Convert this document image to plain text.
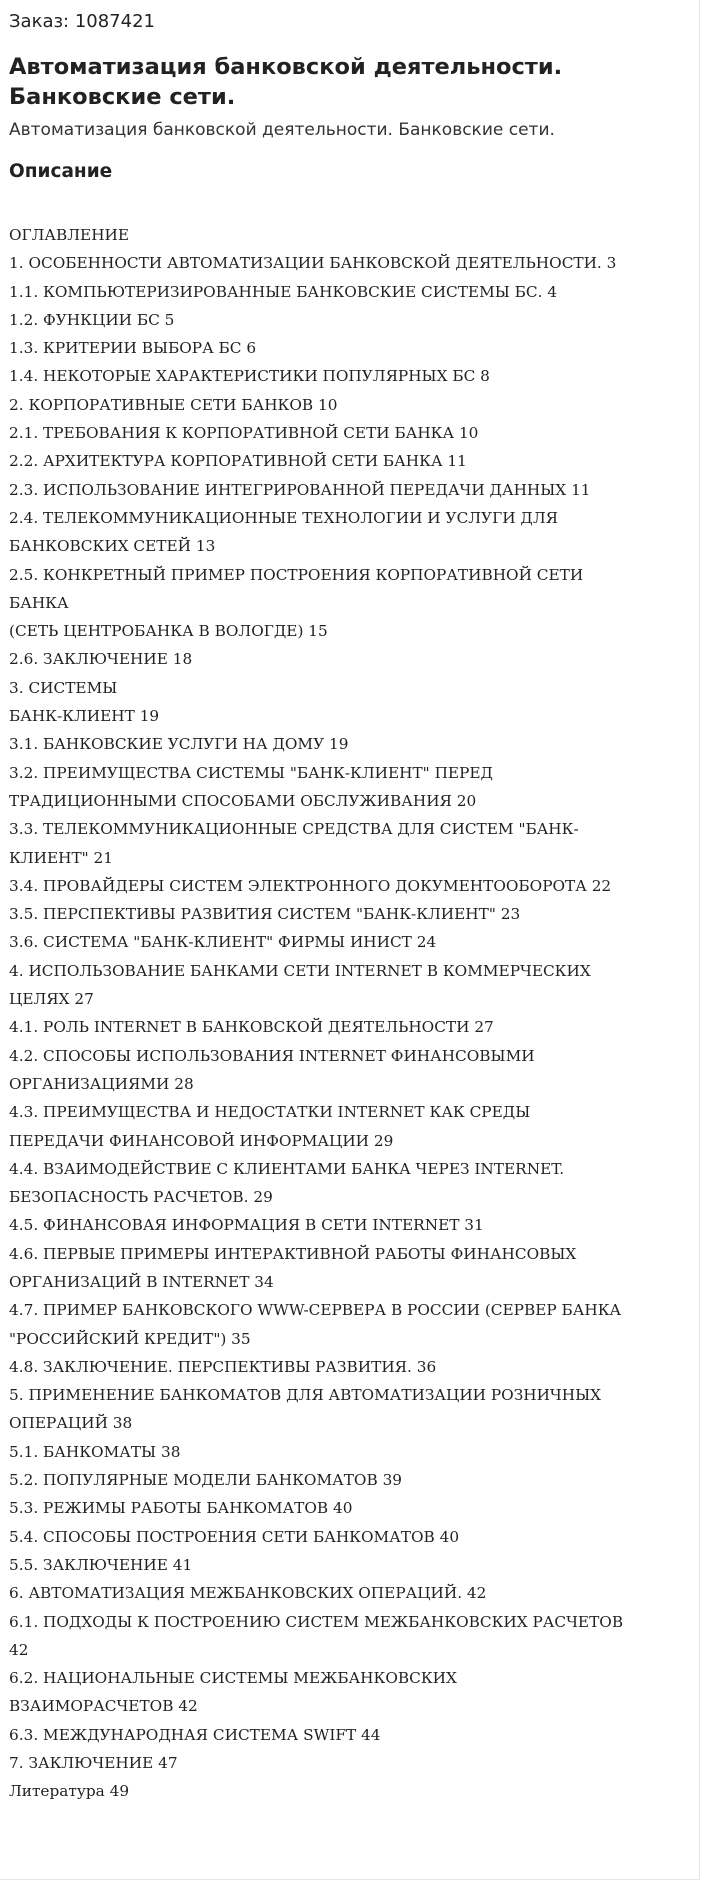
Заказ: 1087421
Автоматизация банковской деятельности.
Банковские сети.
Автоматизация банковской деятельности. Банковские сети.
Описание
ОГЛАВЛЕНИЕ
1. ОСОБЕННОСТИ АВТОМАТИЗАЦИИ БАНКОВСКОЙ ДЕЯТЕЛЬНОСТИ. 3
1.1. КОМПЬЮТЕРИЗИРОВАННЫЕ БАНКОВСКИЕ СИСТЕМЫ БС. 4
1.2. ФУНКЦИИ БС 5
1.3. КРИТЕРИИ ВЫБОРА БС 6
1.4. НЕКОТОРЫЕ ХАРАКТЕРИСТИКИ ПОПУЛЯРНЫХ БС 8
2. КОРПОРАТИВНЫЕ СЕТИ БАНКОВ 10
2.1. ТРЕБОВАНИЯ К КОРПОРАТИВНОЙ СЕТИ БАНКА 10
2.2. АРХИТЕКТУРА КОРПОРАТИВНОЙ СЕТИ БАНКА 11
2.3. ИСПОЛЬЗОВАНИЕ ИНТЕГРИРОВАННОЙ ПЕРЕДАЧИ ДАННЫХ 11
2.4. ТЕЛЕКОММУНИКАЦИОННЫЕ ТЕХНОЛОГИИ И УСЛУГИ ДЛЯ
БАНКОВСКИХ СЕТЕЙ 13
2.5. КОНКРЕТНЫЙ ПРИМЕР ПОСТРОЕНИЯ КОРПОРАТИВНОЙ СЕТИ
БАНКА
(СЕТЬ ЦЕНТРОБАНКА В ВОЛОГДЕ) 15
2.6. ЗАКЛЮЧЕНИЕ 18
3. СИСТЕМЫ
БАНК-КЛИЕНТ 19
3.1. БАНКОВСКИЕ УСЛУГИ НА ДОМУ 19
3.2. ПРЕИМУЩЕСТВА СИСТЕМЫ "БАНК-КЛИЕНТ" ПЕРЕД
ТРАДИЦИОННЫМИ СПОСОБАМИ ОБСЛУЖИВАНИЯ 20
3.3. ТЕЛЕКОММУНИКАЦИОННЫЕ СРЕДСТВА ДЛЯ СИСТЕМ "БАНК-
КЛИЕНТ" 21
3.4. ПРОВАЙДЕРЫ СИСТЕМ ЭЛЕКТРОННОГО ДОКУМЕНТООБОРОТА 22
3.5. ПЕРСПЕКТИВЫ РАЗВИТИЯ СИСТЕМ "БАНК-КЛИЕНТ" 23
3.6. СИСТЕМА "БАНК-КЛИЕНТ" ФИРМЫ ИНИСТ 24
4. ИСПОЛЬЗОВАНИЕ БАНКАМИ СЕТИ INTERNET В КОММЕРЧЕСКИХ
ЦЕЛЯХ 27
4.1. РОЛЬ INTERNET В БАНКОВСКОЙ ДЕЯТЕЛЬНОСТИ 27
4.2. СПОСОБЫ ИСПОЛЬЗОВАНИЯ INTERNET ФИНАНСОВЫМИ
ОРГАНИЗАЦИЯМИ 28
4.3. ПРЕИМУЩЕСТВА И НЕДОСТАТКИ INTERNET КАК СРЕДЫ
ПЕРЕДАЧИ ФИНАНСОВОЙ ИНФОРМАЦИИ 29
4.4. ВЗАИМОДЕЙСТВИЕ С КЛИЕНТАМИ БАНКА ЧЕРЕЗ INTERNET.
БЕЗОПАСНОСТЬ РАСЧЕТОВ. 29
4.5. ФИНАНСОВАЯ ИНФОРМАЦИЯ В СЕТИ INTERNET 31
4.6. ПЕРВЫЕ ПРИМЕРЫ ИНТЕРАКТИВНОЙ РАБОТЫ ФИНАНСОВЫХ
ОРГАНИЗАЦИЙ В INTERNET 34
4.7. ПРИМЕР БАНКОВСКОГО WWW-СЕРВЕРА В РОССИИ (СЕРВЕР БАНКА
"РОССИЙСКИЙ КРЕДИТ") 35
4.8. ЗАКЛЮЧЕНИЕ. ПЕРСПЕКТИВЫ РАЗВИТИЯ. 36
5. ПРИМЕНЕНИЕ БАНКОМАТОВ ДЛЯ АВТОМАТИЗАЦИИ РОЗНИЧНЫХ
ОПЕРАЦИЙ 38
5.1. БАНКОМАТЫ 38
5.2. ПОПУЛЯРНЫЕ МОДЕЛИ БАНКОМАТОВ 39
5.3. РЕЖИМЫ РАБОТЫ БАНКОМАТОВ 40
5.4. СПОСОБЫ ПОСТРОЕНИЯ СЕТИ БАНКОМАТОВ 40
5.5. ЗАКЛЮЧЕНИЕ 41
6. АВТОМАТИЗАЦИЯ МЕЖБАНКОВСКИХ ОПЕРАЦИЙ. 42
6.1. ПОДХОДЫ К ПОСТРОЕНИЮ СИСТЕМ МЕЖБАНКОВСКИХ РАСЧЕТОВ
42
6.2. НАЦИОНАЛЬНЫЕ СИСТЕМЫ МЕЖБАНКОВСКИХ
ВЗАИМОРАСЧЕТОВ 42
6.3. МЕЖДУНАРОДНАЯ СИСТЕМА SWIFT 44
7. ЗАКЛЮЧЕНИЕ 47
Литература 49
